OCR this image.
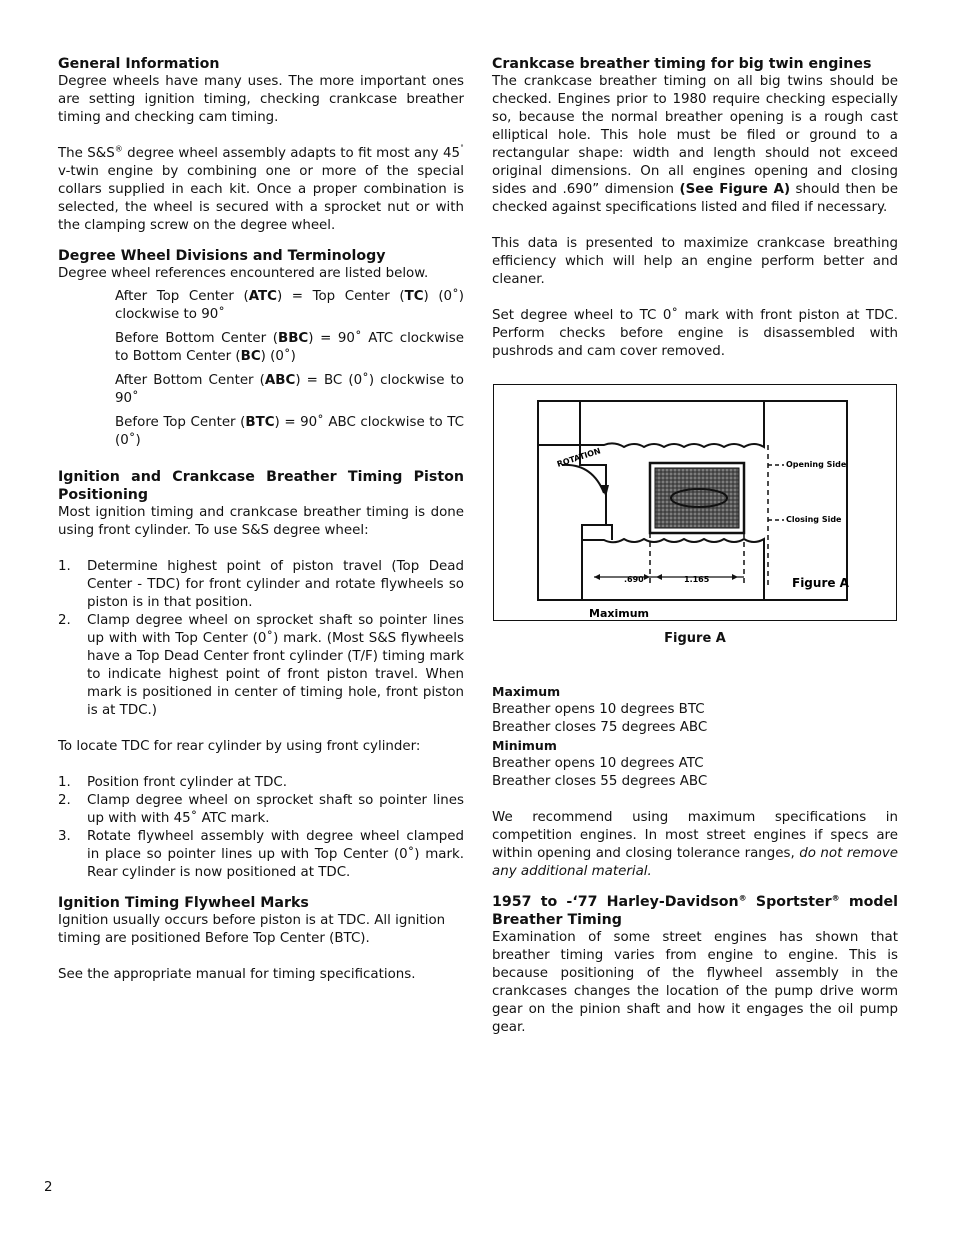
General Information

Degree wheels have many uses. The more important ones are setting ignition timing, checking crankcase breather timing and checking cam timing.

The S&S® degree wheel assembly adapts to fit most any 45˚ v-twin engine by combining one or more of the special collars supplied in each kit. Once a proper combination is selected, the wheel is secured with a sprocket nut or with the clamping screw on the degree wheel.

Degree Wheel Divisions and Terminology

Degree wheel references encountered are listed below.

After Top Center (ATC) = Top Center (TC) (0˚) clockwise to 90˚

Before Bottom Center (BBC) = 90˚ ATC clockwise to Bottom Center (BC) (0˚)

After Bottom Center (ABC) = BC (0˚) clockwise to 90˚

Before Top Center (BTC) = 90˚ ABC clockwise to TC (0˚)

Ignition and Crankcase Breather Timing Piston Positioning

Most ignition timing and crankcase breather timing is done using front cylinder. To use S&S degree wheel:

1. Determine highest point of piston travel (Top Dead Center - TDC) for front cylinder and rotate flywheels so piston is in that position.
2. Clamp degree wheel on sprocket shaft so pointer lines up with with Top Center (0˚) mark. (Most S&S flywheels have a Top Dead Center front cylinder (T/F) timing mark to indicate highest point of front piston travel. When mark is positioned in center of timing hole, front piston is at TDC.)

To locate TDC for rear cylinder by using front cylinder:

1. Position front cylinder at TDC.
2. Clamp degree wheel on sprocket shaft so pointer lines up with with 45˚ ATC mark.
3. Rotate flywheel assembly with degree wheel clamped in place so pointer lines up with Top Center (0˚) mark. Rear cylinder is now positioned at TDC.
Ignition Timing Flywheel Marks

Ignition usually occurs before piston is at TDC. All ignition timing are positioned Before Top Center (BTC).

See the appropriate manual for timing specifications.

Crankcase breather timing for big twin engines

The crankcase breather timing on all big twins should be checked. Engines prior to 1980 require checking especially so, because the normal breather opening is a rough cast elliptical hole. This hole must be filed or ground to a rectangular shape: width and length should not exceed original dimensions. On all engines opening and closing sides and .690” dimension (See Figure A) should then be checked against specifications listed and filed if necessary.

This data is presented to maximize crankcase breathing efficiency which will help an engine perform better and cleaner.

Set degree wheel to TC 0˚ mark with front piston at TDC. Perform checks before engine is disassembled with pushrods and cam cover removed.

ROTATION	Opening Side
Closing Side
.690	1.165	Figure A
Maximum
Figure A
Maximum
Breather opens 10 degrees BTC
Breather closes 75 degrees ABC
Minimum
Breather opens 10 degrees ATC
Breather closes 55 degrees ABC

We recommend using maximum specifications in competition engines. In most street engines if specs are within opening and closing tolerance ranges, do not remove any additional material.

1957 to -‘77 Harley-Davidson® Sportster® model Breather Timing

Examination of some street engines has shown that breather timing varies from engine to engine. This is because positioning of the flywheel assembly in the crankcases changes the location of the pump drive worm gear on the pinion shaft and how it engages the oil pump gear.

2
